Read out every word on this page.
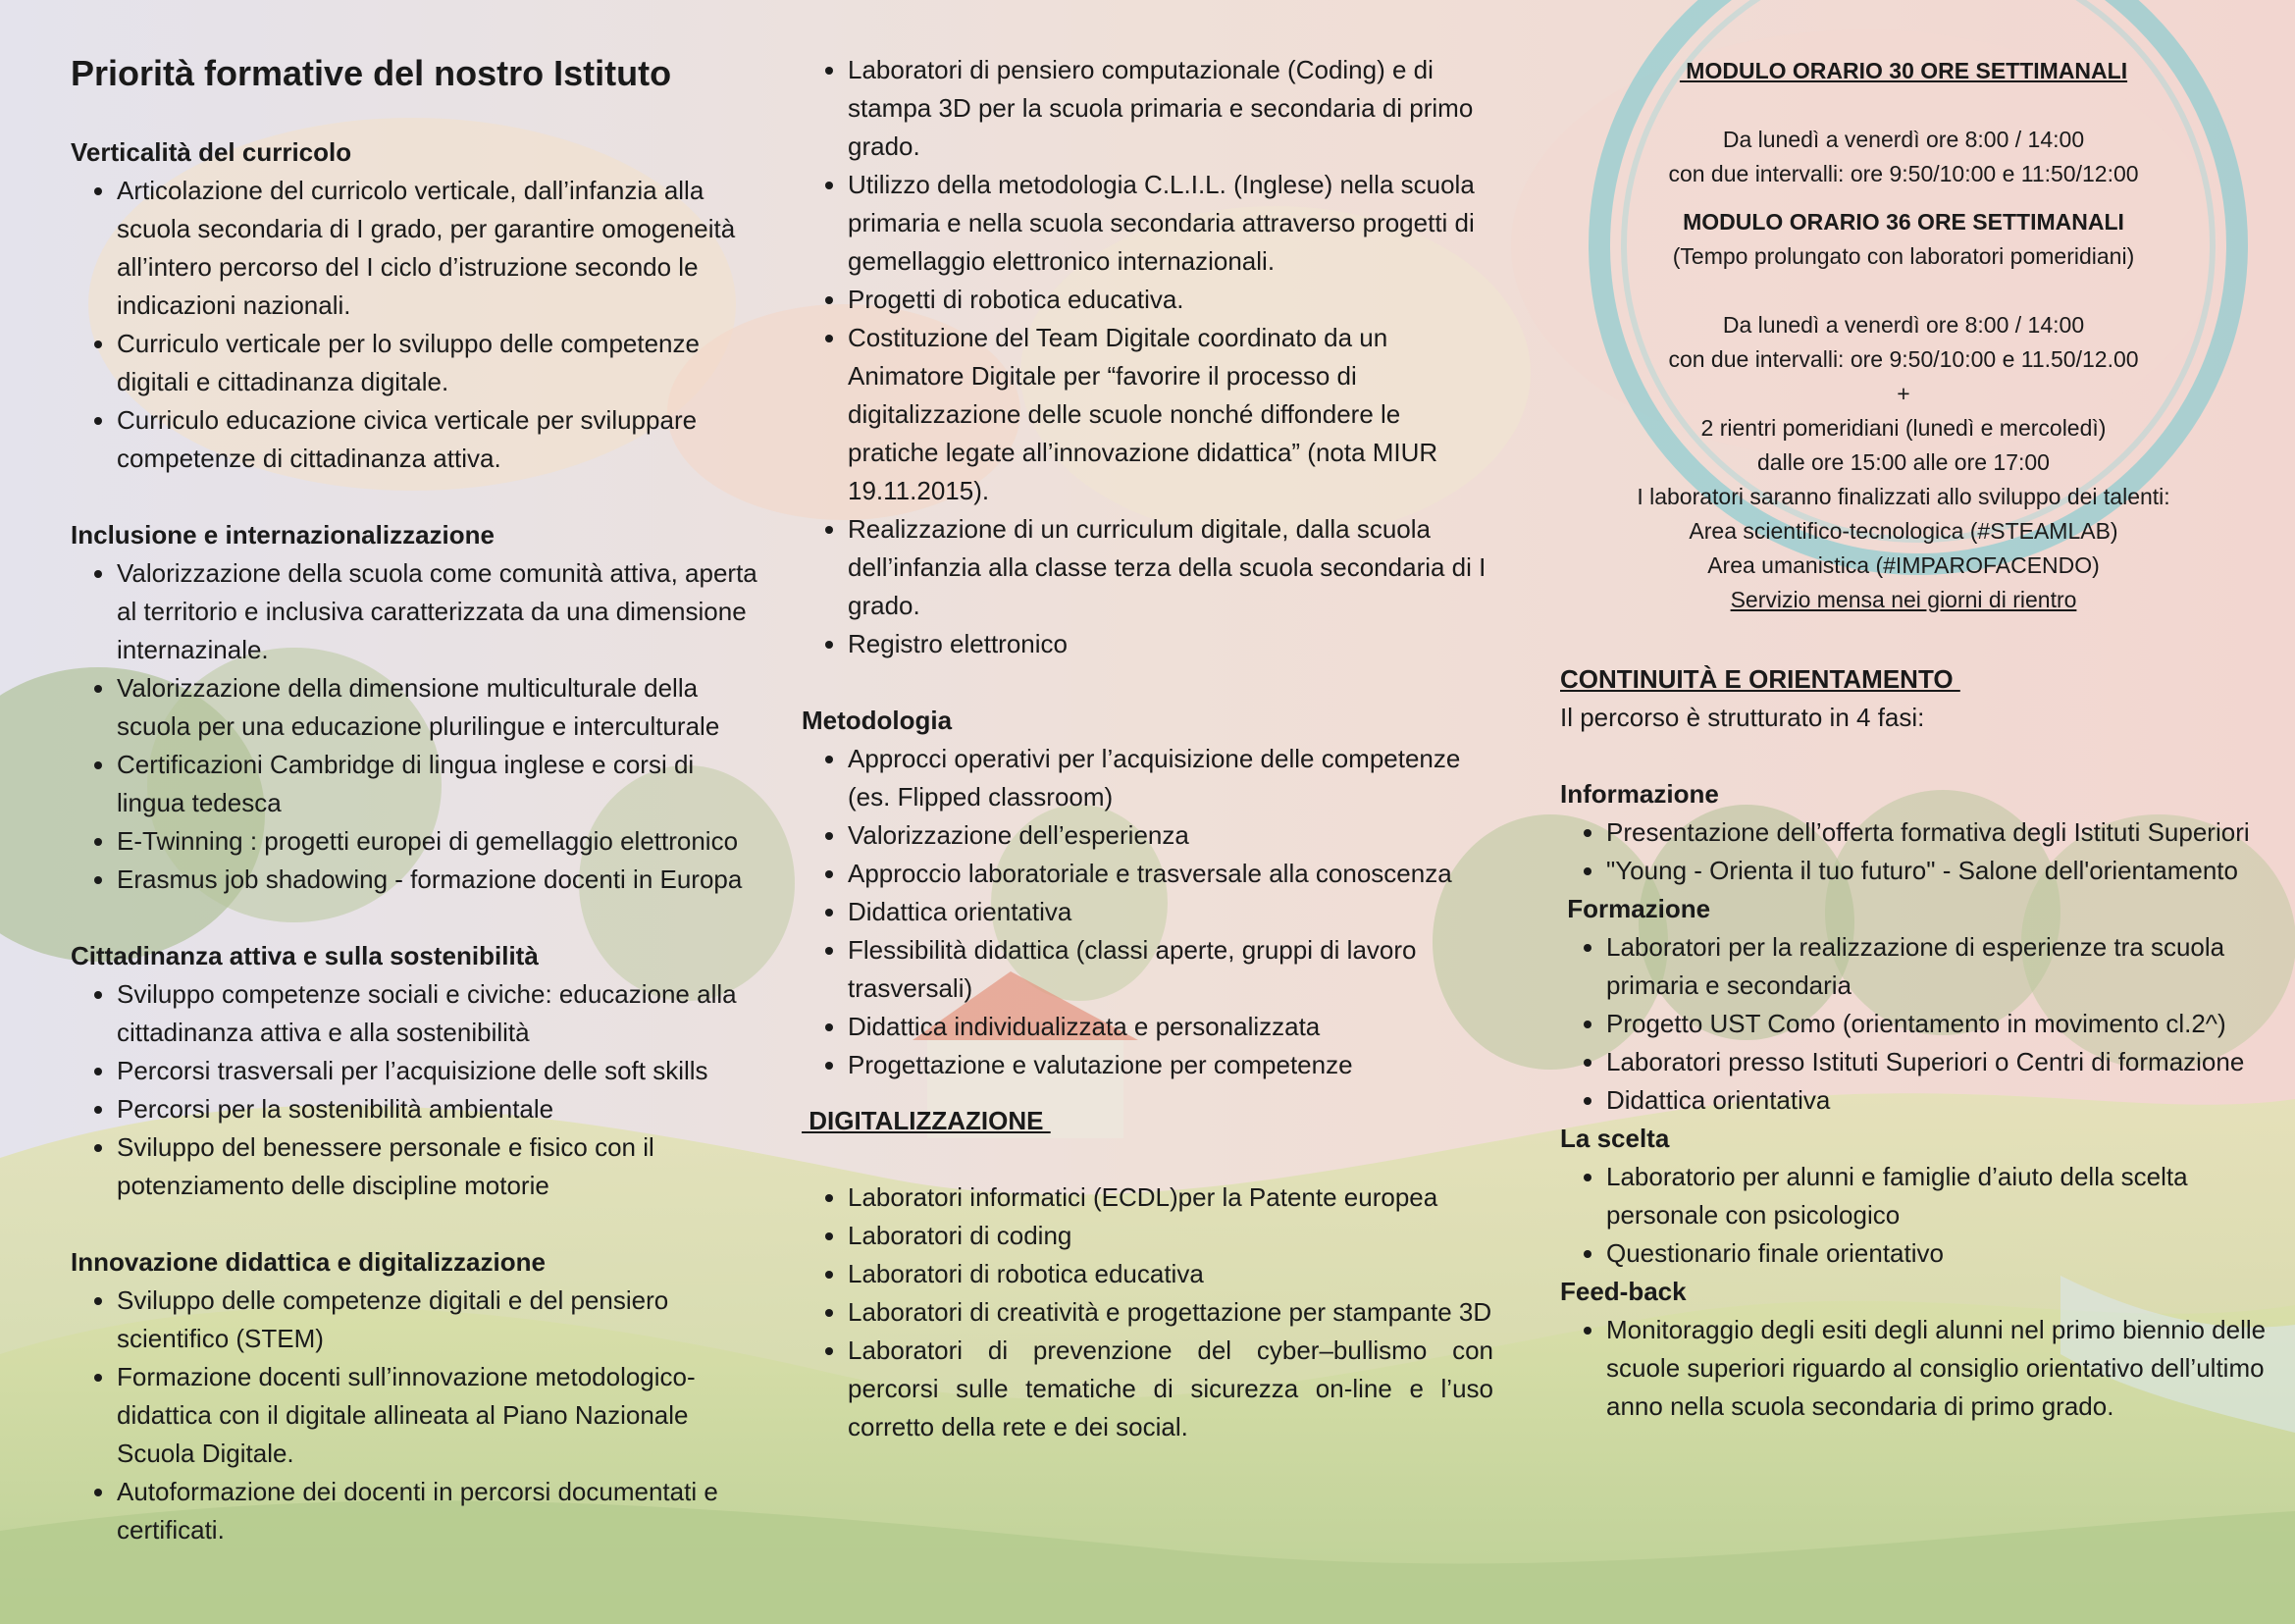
Priorità formative del nostro Istituto
Verticalità del curricolo
• Articolazione del curricolo verticale, dall’infanzia alla scuola secondaria di I grado, per garantire omogeneità all’intero percorso del I ciclo d’istruzione secondo le indicazioni nazionali.
• Curriculo verticale per lo sviluppo delle competenze digitali e cittadinanza digitale.
• Curriculo educazione civica verticale per sviluppare competenze di cittadinanza attiva.
Inclusione e internazionalizzazione
• Valorizzazione della scuola come comunità attiva, aperta al territorio e inclusiva caratterizzata da una dimensione internazinale.
• Valorizzazione della dimensione multiculturale della scuola per una educazione plurilingue e interculturale
• Certificazioni Cambridge di lingua inglese e corsi di lingua tedesca
• E-Twinning : progetti europei di gemellaggio elettronico
• Erasmus job shadowing - formazione docenti in Europa
Cittadinanza attiva e sulla sostenibilità
• Sviluppo competenze sociali e civiche: educazione alla cittadinanza attiva e alla sostenibilità
• Percorsi trasversali per l’acquisizione delle soft skills
• Percorsi per la sostenibilità ambientale
• Sviluppo del benessere personale e fisico con il potenziamento delle discipline motorie
Innovazione didattica e digitalizzazione
• Sviluppo delle competenze digitali e del pensiero scientifico (STEM)
• Formazione docenti sull’innovazione metodologico-didattica con il digitale allineata al Piano Nazionale Scuola Digitale.
• Autoformazione dei docenti in percorsi documentati e certificati.
• Laboratori di pensiero computazionale (Coding) e di stampa 3D per la scuola primaria e secondaria di primo grado.
• Utilizzo della metodologia C.L.I.L. (Inglese) nella scuola primaria e nella scuola secondaria attraverso progetti di gemellaggio elettronico internazionali.
• Progetti di robotica educativa.
• Costituzione del Team Digitale coordinato da un Animatore Digitale per “favorire il processo di digitalizzazione delle scuole nonché diffondere le pratiche legate all’innovazione didattica” (nota MIUR 19.11.2015).
• Realizzazione di un curriculum digitale, dalla scuola dell’infanzia alla classe terza della scuola secondaria di I grado.
• Registro elettronico
Metodologia
• Approcci operativi per l’acquisizione delle competenze (es. Flipped classroom)
• Valorizzazione dell’esperienza
• Approccio laboratoriale e trasversale alla conoscenza
• Didattica orientativa
• Flessibilità didattica (classi aperte, gruppi di lavoro trasversali)
• Didattica individualizzata e personalizzata
• Progettazione e valutazione per competenze
DIGITALIZZAZIONE
• Laboratori informatici (ECDL)per la Patente europea
• Laboratori di coding
• Laboratori di robotica educativa
• Laboratori di creatività e progettazione per stampante 3D
• Laboratori di prevenzione del cyber–bullismo con percorsi sulle tematiche di sicurezza on-line e l’uso corretto della rete e dei social.
MODULO ORARIO 30 ORE SETTIMANALI
Da lunedì a venerdì ore 8:00 / 14:00
con due intervalli: ore 9:50/10:00 e 11:50/12:00
MODULO ORARIO 36 ORE SETTIMANALI
(Tempo prolungato con laboratori pomeridiani)
Da lunedì a venerdì ore 8:00 / 14:00
con due intervalli: ore 9:50/10:00 e 11.50/12.00
+
2 rientri pomeridiani (lunedì e mercoledì)
dalle ore 15:00 alle ore 17:00
I laboratori saranno finalizzati allo sviluppo dei talenti:
Area scientifico-tecnologica (#STEAMLAB)
Area umanistica (#IMPAROFACENDO)
Servizio mensa nei giorni di rientro
CONTINUITÀ E ORIENTAMENTO
Il percorso è strutturato in 4 fasi:
Informazione
• Presentazione dell’offerta formativa degli Istituti Superiori
• "Young - Orienta il tuo futuro" - Salone dell'orientamento
Formazione
• Laboratori per la realizzazione di esperienze tra scuola primaria e secondaria
• Progetto UST Como (orientamento in movimento cl.2^)
• Laboratori presso Istituti Superiori o Centri di formazione
• Didattica orientativa
La scelta
• Laboratorio per alunni e famiglie d’aiuto della scelta personale con psicologico
• Questionario finale orientativo
Feed-back
• Monitoraggio degli esiti degli alunni nel primo biennio delle scuole superiori riguardo al consiglio orientativo dell’ultimo anno nella scuola secondaria di primo grado.
